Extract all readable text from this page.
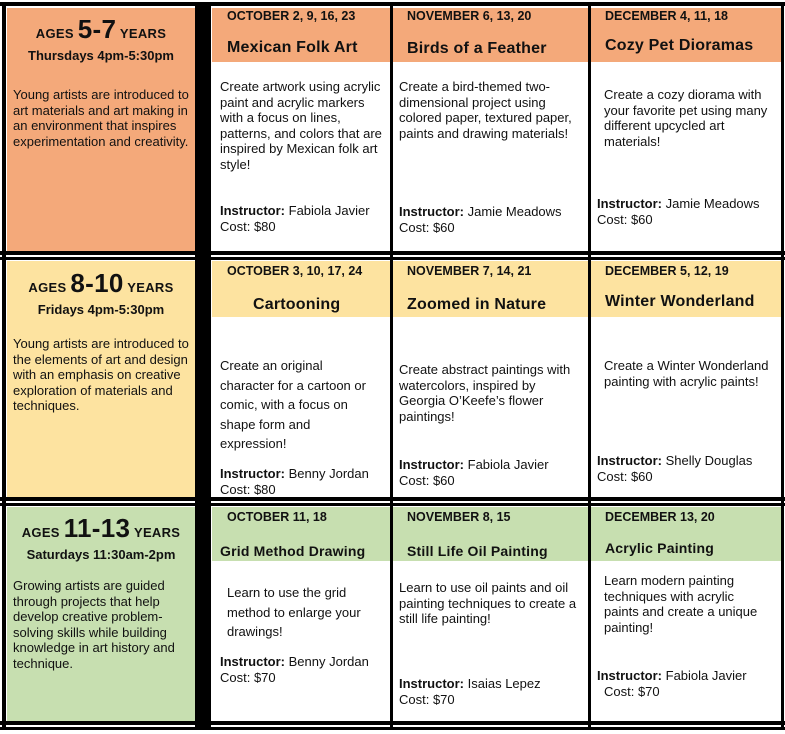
AGES 5-7 YEARS
Thursdays 4pm-5:30pm
Young artists are introduced to art materials and art making in an environment that inspires experimentation and creativity.
OCTOBER 2, 9, 16, 23
Mexican Folk Art
NOVEMBER 6, 13, 20
Birds of a Feather
DECEMBER 4, 11, 18
Cozy Pet Dioramas

Create artwork using acrylic paint and acrylic markers with a focus on lines, patterns, and colors that are inspired by Mexican folk art style!

Instructor: Fabiola Javier
Cost: $80

Create a bird-themed two-dimensional project using colored paper, textured paper, paints and drawing materials!

Instructor: Jamie Meadows
Cost: $60

Create a cozy diorama with your favorite pet using many different upcycled art materials!

Instructor: Jamie Meadows
Cost: $60
AGES 8-10 YEARS
Fridays 4pm-5:30pm
Young artists are introduced to the elements of art and design with an emphasis on creative exploration of materials and techniques.
OCTOBER 3, 10, 17, 24
Cartooning
NOVEMBER 7, 14, 21
Zoomed in Nature
DECEMBER 5, 12, 19
Winter Wonderland

Create an original character for a cartoon or comic, with a focus on shape form and expression!

Instructor: Benny Jordan
Cost: $80

Create abstract paintings with watercolors, inspired by Georgia O’Keefe’s flower paintings!

Instructor: Fabiola Javier
Cost: $60

Create a Winter Wonderland painting with acrylic paints!

Instructor: Shelly Douglas
Cost: $60
AGES 11-13 YEARS
Saturdays 11:30am-2pm
Growing artists are guided through projects that help develop creative problem-solving skills while building knowledge in art history and technique.
OCTOBER 11, 18
Grid Method Drawing
NOVEMBER 8, 15
Still Life Oil Painting
DECEMBER 13, 20
Acrylic Painting

Learn to use the grid method to enlarge your drawings!

Instructor: Benny Jordan
Cost: $70

Learn to use oil paints and oil painting techniques to create a still life painting!

Instructor: Isaias Lepez
Cost: $70

Learn modern painting techniques with acrylic paints and create a unique painting!

Instructor: Fabiola Javier
Cost: $70
